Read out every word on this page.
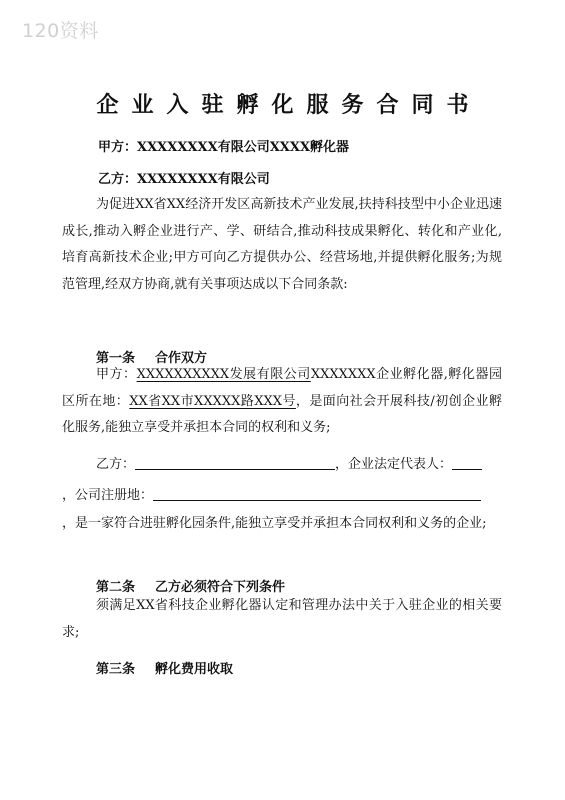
120资料
企业入驻孵化服务合同书
甲方：XXXXXXXX有限公司XXXX孵化器
乙方：XXXXXXXX有限公司
为促进XX省XX经济开发区高新技术产业发展,扶持科技型中小企业迅速成长,推动入孵企业进行产、学、研结合,推动科技成果孵化、转化和产业化,培育高新技术企业;甲方可向乙方提供办公、经营场地,并提供孵化服务;为规范管理,经双方协商,就有关事项达成以下合同条款:
第一条 合作双方
甲方：XXXXXXXXXX发展有限公司XXXXXXX企业孵化器,孵化器园区所在地：XX省XX市XXXXX路XXX号，是面向社会开展科技/初创企业孵化服务,能独立享受并承担本合同的权利和义务;
乙方：	，企业法定代表人：
，公司注册地：
，是一家符合进驻孵化园条件,能独立享受并承担本合同权利和义务的企业;
第二条 乙方必须符合下列条件
须满足XX省科技企业孵化器认定和管理办法中关于入驻企业的相关要求;
第三条 孵化费用收取
